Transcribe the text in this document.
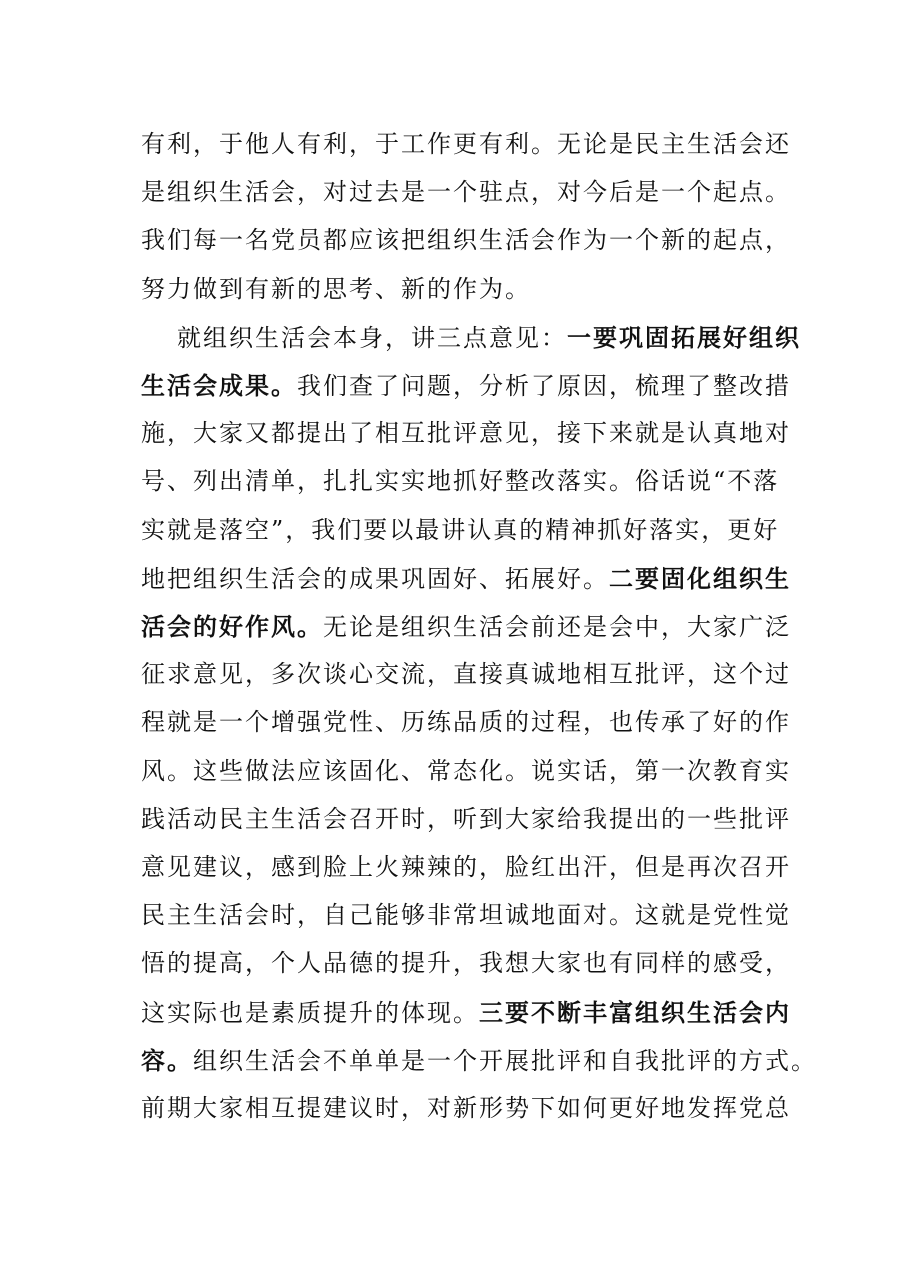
有利，于他人有利，于工作更有利。无论是民主生活会还
是组织生活会，对过去是一个驻点，对今后是一个起点。
我们每一名党员都应该把组织生活会作为一个新的起点，
努力做到有新的思考、新的作为。
就组织生活会本身，讲三点意见：一要巩固拓展好组织
生活会成果。我们查了问题，分析了原因，梳理了整改措
施，大家又都提出了相互批评意见，接下来就是认真地对
号、列出清单，扎扎实实地抓好整改落实。俗话说“不落
实就是落空”，我们要以最讲认真的精神抓好落实，更好
地把组织生活会的成果巩固好、拓展好。二要固化组织生
活会的好作风。无论是组织生活会前还是会中，大家广泛
征求意见，多次谈心交流，直接真诚地相互批评，这个过
程就是一个增强党性、历练品质的过程，也传承了好的作
风。这些做法应该固化、常态化。说实话，第一次教育实
践活动民主生活会召开时，听到大家给我提出的一些批评
意见建议，感到脸上火辣辣的，脸红出汗，但是再次召开
民主生活会时，自己能够非常坦诚地面对。这就是党性觉
悟的提高，个人品德的提升，我想大家也有同样的感受，
这实际也是素质提升的体现。三要不断丰富组织生活会内
容。组织生活会不单单是一个开展批评和自我批评的方式。
前期大家相互提建议时，对新形势下如何更好地发挥党总
